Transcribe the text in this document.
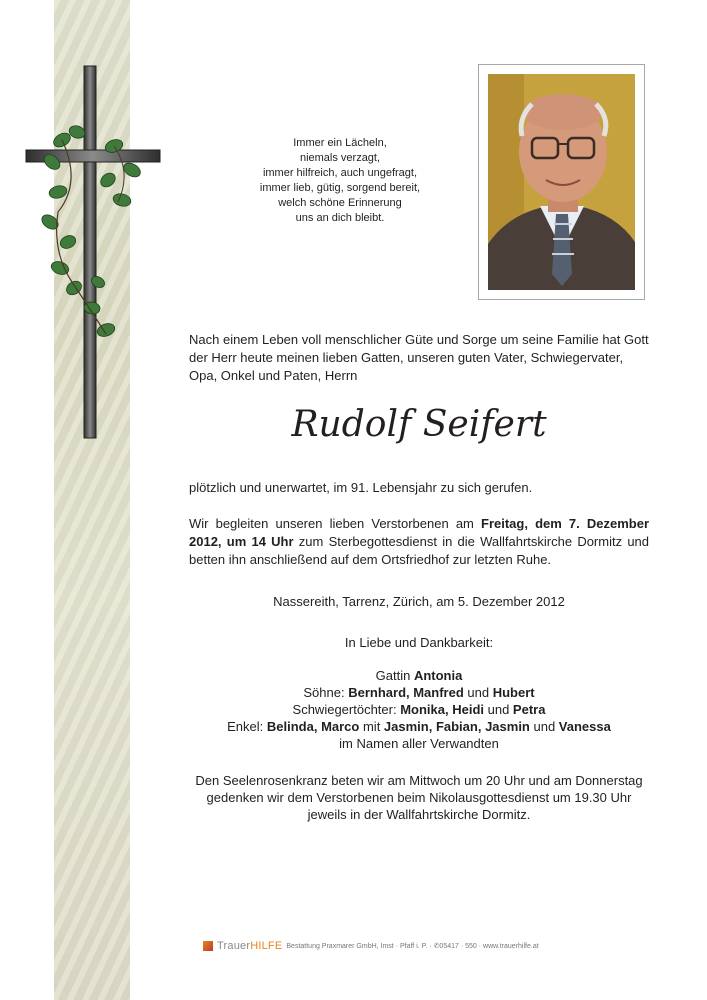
Immer ein Lächeln,
niemals verzagt,
immer hilfreich, auch ungefragt,
immer lieb, gütig, sorgend bereit,
welch schöne Erinnerung
uns an dich bleibt.
Nach einem Leben voll menschlicher Güte und Sorge um seine Familie hat Gott der Herr heute meinen lieben Gatten, unseren guten Vater, Schwiegervater, Opa, Onkel und Paten, Herrn
Rudolf Seifert
plötzlich und unerwartet, im 91. Lebensjahr zu sich gerufen.
Wir begleiten unseren lieben Verstorbenen am Freitag, dem 7. Dezember 2012, um 14 Uhr zum Sterbegottesdienst in die Wallfahrtskirche Dormitz und betten ihn anschließend auf dem Ortsfriedhof zur letzten Ruhe.
Nassereith, Tarrenz, Zürich, am 5. Dezember 2012
In Liebe und Dankbarkeit:
Gattin Antonia
Söhne: Bernhard, Manfred und Hubert
Schwiegertöchter: Monika, Heidi und Petra
Enkel: Belinda, Marco mit Jasmin, Fabian, Jasmin und Vanessa
im Namen aller Verwandten
Den Seelenrosenkranz beten wir am Mittwoch um 20 Uhr und am Donnerstag
gedenken wir dem Verstorbenen beim Nikolausgottesdienst um 19.30 Uhr
jeweils in der Wallfahrtskirche Dormitz.
TrauerHILFE Bestattung Praxmarer GmbH, Imst · Pfaff i. P. · ✆05417 · 550 · www.trauerhilfe.at
